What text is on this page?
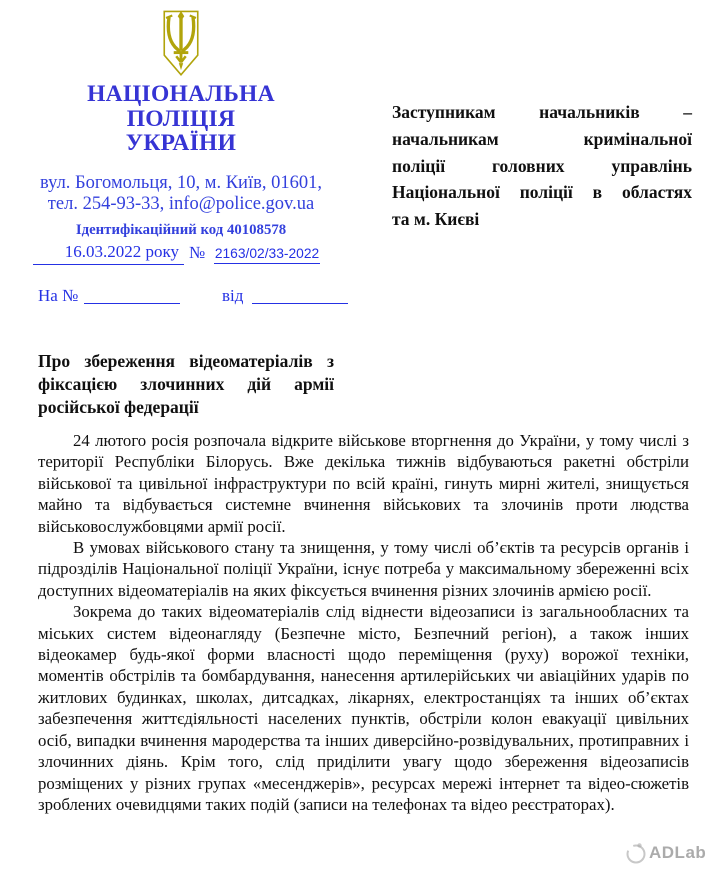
НАЦІОНАЛЬНА ПОЛІЦІЯ
УКРАЇНИ
вул. Богомольця, 10, м. Київ, 01601,
тел. 254-93-33, info@police.gov.ua
Ідентифікаційний код 40108578
Заступникам начальників –
начальникам	кримінальної
поліції	головних	управлінь
Національної поліції в областях
та м. Києві
16.03.2022 року № 2163/02/33-2022
На №	від
Про збереження відеоматеріалів з
фіксацією злочинних дій армії
російської федерації

24 лютого росія розпочала відкрите військове вторгнення до України, у тому числі з території Республіки Білорусь. Вже декілька тижнів відбуваються ракетні обстріли військової та цивільної інфраструктури по всій країні, гинуть мирні жителі, знищується майно та відбувається системне вчинення військових та злочинів проти людства військовослужбовцями армії росії.

В умовах військового стану та знищення, у тому числі об’єктів та ресурсів органів і підрозділів Національної поліції України, існує потреба у максимальному збереженні всіх доступних відеоматеріалів на яких фіксується вчинення різних злочинів армією росії.

Зокрема до таких відеоматеріалів слід віднести відеозаписи із загальнообласних та міських систем відеонагляду (Безпечне місто, Безпечний регіон), а також інших відеокамер будь-якої форми власності щодо переміщення (руху) ворожої техніки, моментів обстрілів та бомбардування, нанесення артилерійських чи авіаційних ударів по житлових будинках, школах, дитсадках, лікарнях, електростанціях та інших об’єктах забезпечення життєдіяльності населених пунктів, обстріли колон евакуації цивільних осіб, випадки вчинення мародерства та інших диверсійно-розвідувальних, протиправних і злочинних діянь. Крім того, слід приділити увагу щодо збереження відеозаписів розміщених у різних групах «месенджерів», ресурсах мережі інтернет та відео-сюжетів зроблених очевидцями таких подій (записи на телефонах та відео реєстраторах).

ADLab
